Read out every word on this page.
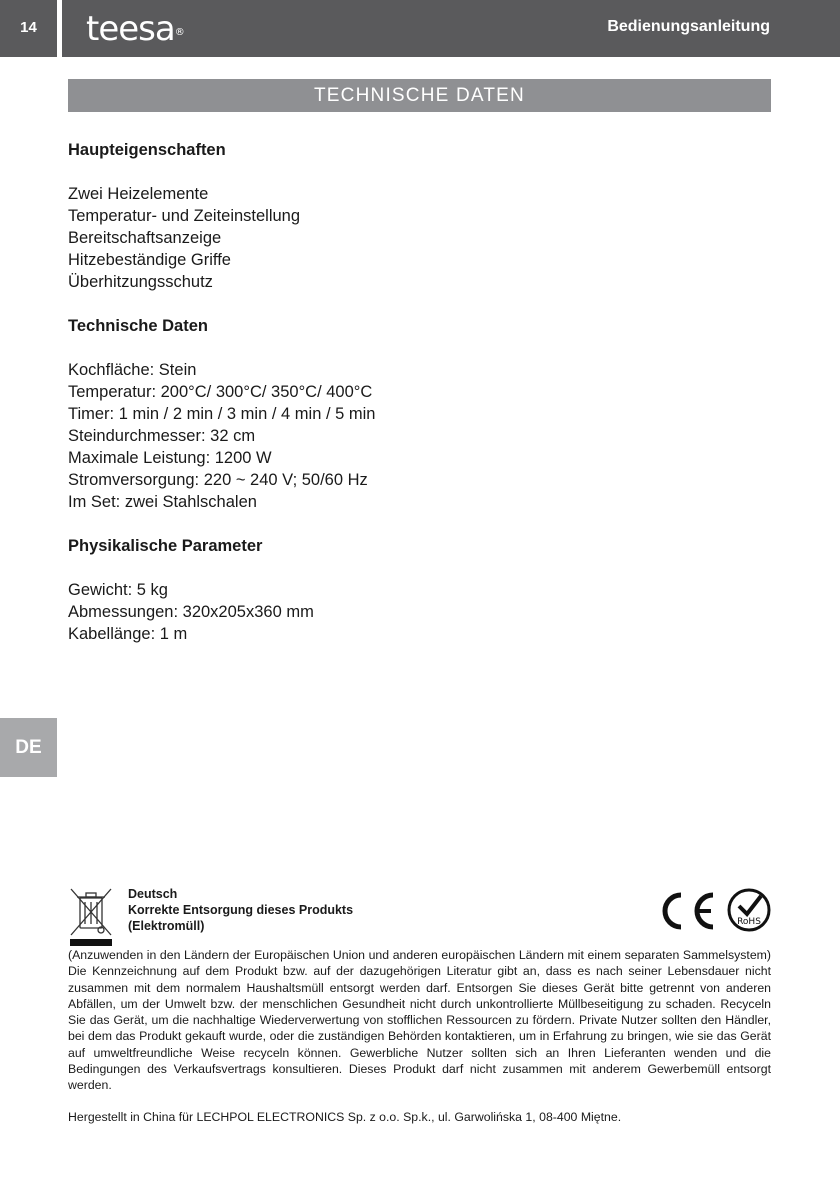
14	teesa®	Bedienungsanleitung
TECHNISCHE DATEN
Haupteigenschaften
Zwei Heizelemente
Temperatur- und Zeiteinstellung
Bereitschaftsanzeige
Hitzebeständige Griffe
Überhitzungsschutz
Technische Daten
Kochfläche: Stein
Temperatur: 200°C/ 300°C/ 350°C/ 400°C
Timer: 1 min / 2 min / 3 min / 4 min / 5 min
Steindurchmesser: 32 cm
Maximale Leistung: 1200 W
Stromversorgung: 220 ~ 240 V; 50/60 Hz
Im Set: zwei Stahlschalen
Physikalische Parameter
Gewicht: 5 kg
Abmessungen: 320x205x360 mm
Kabellänge: 1 m
DE
Deutsch
Korrekte Entsorgung dieses Produkts
(Elektromüll)	RoHS

(Anzuwenden in den Ländern der Europäischen Union und anderen europäischen Ländern mit einem separaten Sammelsystem) Die Kennzeichnung auf dem Produkt bzw. auf der dazugehörigen Literatur gibt an, dass es nach seiner Lebensdauer nicht zusammen mit dem normalem Haushaltsmüll entsorgt werden darf. Entsorgen Sie dieses Gerät bitte getrennt von anderen Abfällen, um der Umwelt bzw. der menschlichen Gesundheit nicht durch unkontrollierte Müllbeseitigung zu schaden. Recyceln Sie das Gerät, um die nachhaltige Wiederverwertung von stofflichen Ressourcen zu fördern. Private Nutzer sollten den Händler, bei dem das Produkt gekauft wurde, oder die zuständigen Behörden kontaktieren, um in Erfahrung zu bringen, wie sie das Gerät auf umweltfreundliche Weise recyceln können. Gewerbliche Nutzer sollten sich an Ihren Lieferanten wenden und die Bedingungen des Verkaufsvertrags konsultieren. Dieses Produkt darf nicht zusammen mit anderem Gewerbemüll entsorgt werden.

Hergestellt in China für LECHPOL ELECTRONICS Sp. z o.o. Sp.k., ul. Garwolińska 1, 08-400 Miętne.
